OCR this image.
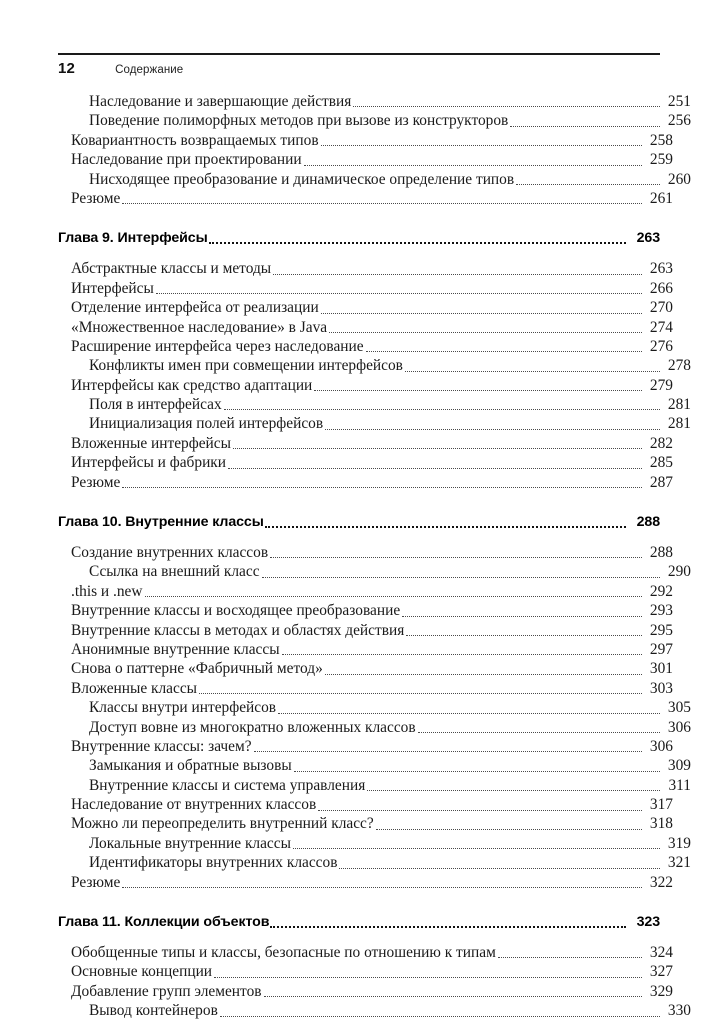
12	Содержание
Наследование и завершающие действия	251
Поведение полиморфных методов при вызове из конструкторов	256
Ковариантность возвращаемых типов	258
Наследование при проектировании	259
Нисходящее преобразование и динамическое определение типов	260
Резюме	261
Глава 9. Интерфейсы	263
Абстрактные классы и методы	263
Интерфейсы	266
Отделение интерфейса от реализации	270
«Множественное наследование» в Java	274
Расширение интерфейса через наследование	276
Конфликты имен при совмещении интерфейсов	278
Интерфейсы как средство адаптации	279
Поля в интерфейсах	281
Инициализация полей интерфейсов	281
Вложенные интерфейсы	282
Интерфейсы и фабрики	285
Резюме	287
Глава 10. Внутренние классы	288
Создание внутренних классов	288
Ссылка на внешний класс	290
.this и .new	292
Внутренние классы и восходящее преобразование	293
Внутренние классы в методах и областях действия	295
Анонимные внутренние классы	297
Снова о паттерне «Фабричный метод»	301
Вложенные классы	303
Классы внутри интерфейсов	305
Доступ вовне из многократно вложенных классов	306
Внутренние классы: зачем?	306
Замыкания и обратные вызовы	309
Внутренние классы и система управления	311
Наследование от внутренних классов	317
Можно ли переопределить внутренний класс?	318
Локальные внутренние классы	319
Идентификаторы внутренних классов	321
Резюме	322
Глава 11. Коллекции объектов	323
Обобщенные типы и классы, безопасные по отношению к типам	324
Основные концепции	327
Добавление групп элементов	329
Вывод контейнеров	330
